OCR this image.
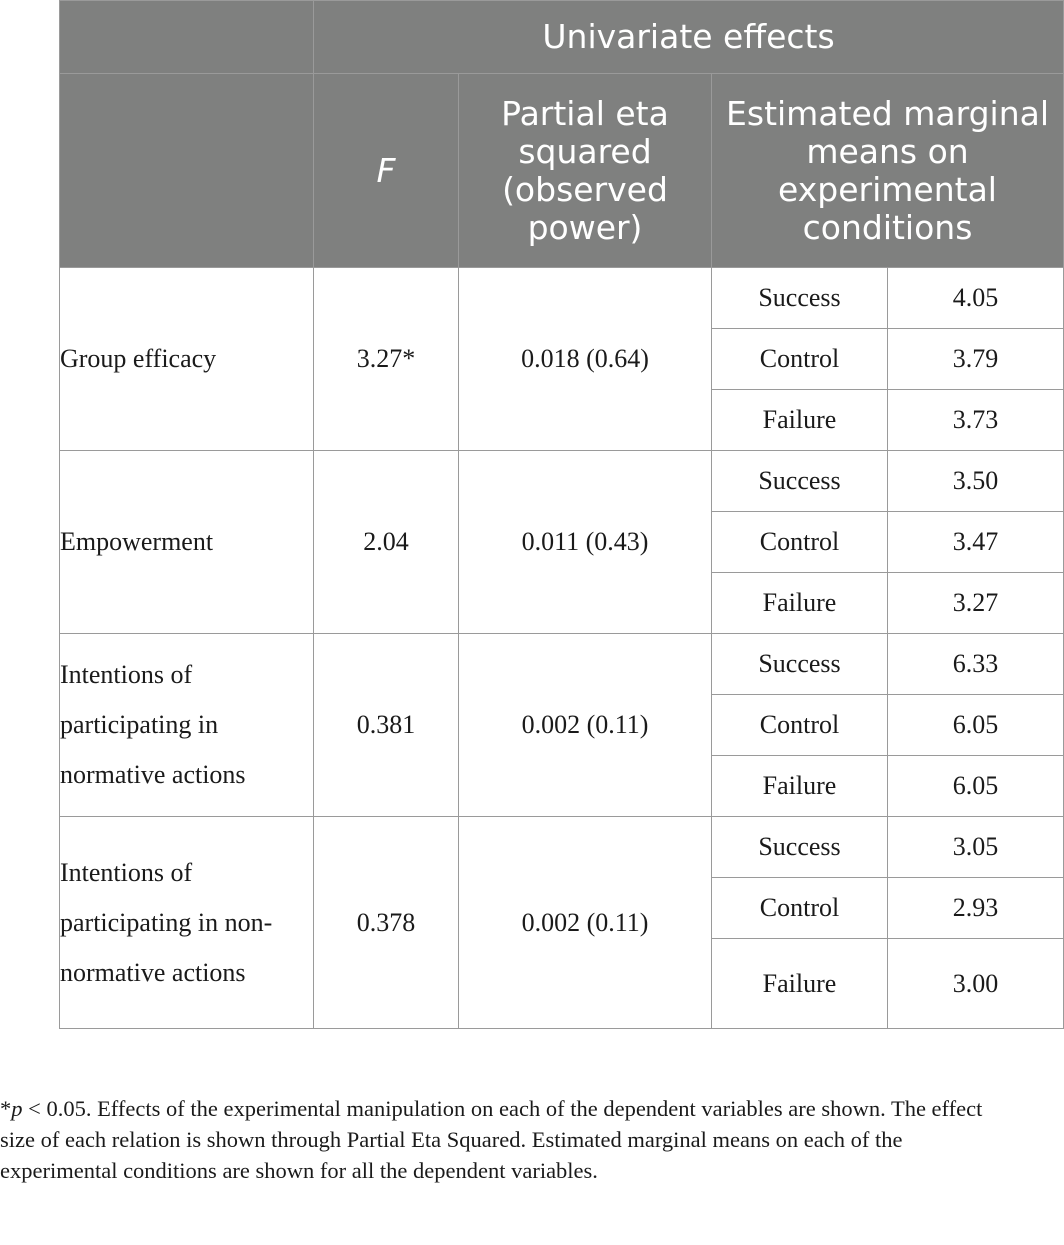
	Univariate effects			
	F	Partial eta squared (observed power)	Estimated marginal means on experimental conditions	
Group efficacy	3.27*	0.018 (0.64)	Success	4.05
			Control	3.79
			Failure	3.73
Empowerment	2.04	0.011 (0.43)	Success	3.50
			Control	3.47
			Failure	3.27
Intentions of participating in normative actions	0.381	0.002 (0.11)	Success	6.33
			Control	6.05
			Failure	6.05
Intentions of participating in non-normative actions	0.378	0.002 (0.11)	Success	3.05
			Control	2.93
			Failure	3.00
*p < 0.05. Effects of the experimental manipulation on each of the dependent variables are shown. The effect size of each relation is shown through Partial Eta Squared. Estimated marginal means on each of the experimental conditions are shown for all the dependent variables.
